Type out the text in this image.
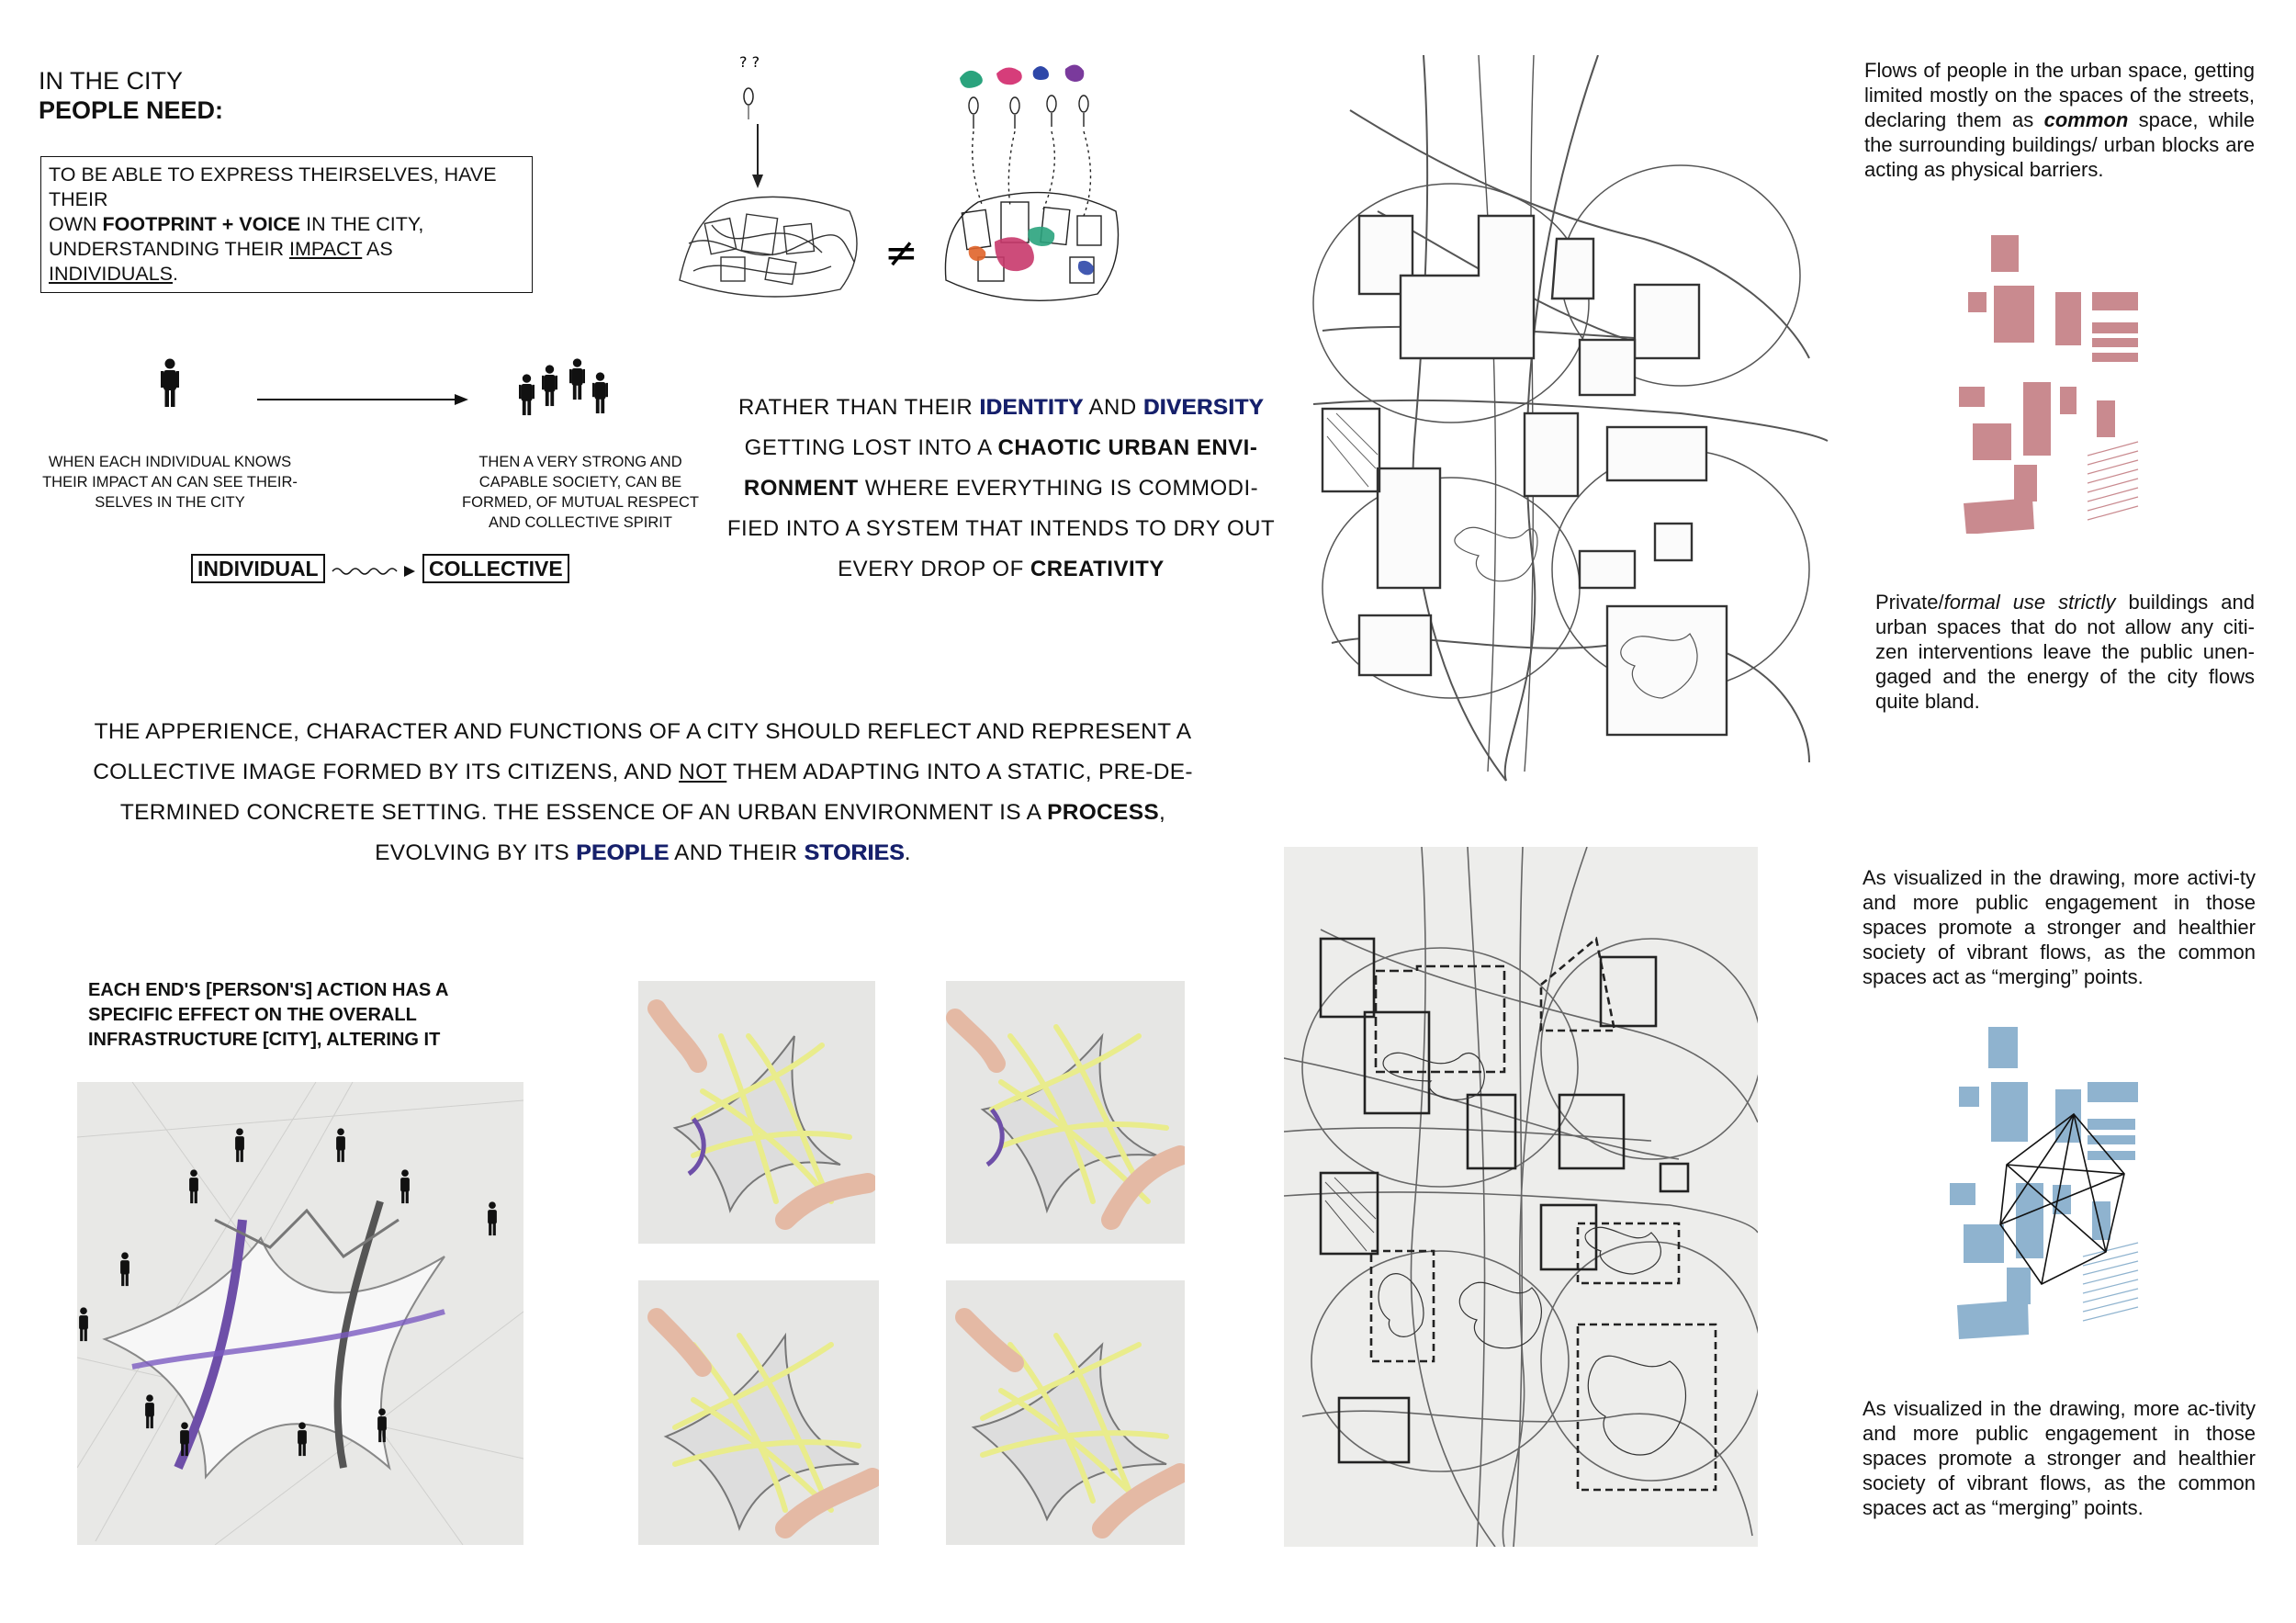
IN THE CITY
PEOPLE NEED:
TO BE ABLE TO EXPRESS THEIRSELVES, HAVE THEIR
OWN FOOTPRINT + VOICE IN THE CITY,
UNDERSTANDING THEIR IMPACT AS INDIVIDUALS.
WHEN EACH INDIVIDUAL KNOWS THEIR IMPACT AN CAN SEE THEIR-SELVES IN THE CITY
THEN A VERY STRONG AND CAPABLE SOCIETY, CAN BE FORMED, OF MUTUAL RESPECT AND COLLECTIVE SPIRIT
INDIVIDUAL	COLLECTIVE
? ?
≠
RATHER THAN THEIR IDENTITY AND DIVERSITY
GETTING LOST INTO A CHAOTIC URBAN ENVI-
RONMENT WHERE EVERYTHING IS COMMODI-
FIED INTO A SYSTEM THAT INTENDS TO DRY OUT
EVERY DROP OF CREATIVITY
THE APPERIENCE, CHARACTER AND FUNCTIONS OF A CITY SHOULD REFLECT AND REPRESENT A
COLLECTIVE IMAGE FORMED BY ITS CITIZENS, AND NOT THEM ADAPTING INTO A STATIC, PRE-DE-
TERMINED CONCRETE SETTING. THE ESSENCE OF AN URBAN ENVIRONMENT IS A PROCESS,
EVOLVING BY ITS PEOPLE AND THEIR STORIES.
EACH END'S [PERSON'S] ACTION HAS A SPECIFIC EFFECT ON THE OVERALL INFRASTRUCTURE [CITY], ALTERING IT
Flows of people in the urban space, getting limited mostly on the spaces of the streets, declaring them as common space, while the surrounding buildings/ urban blocks are acting as physical barriers.
Private/formal use strictly buildings and urban spaces that do not allow any citi-zen interventions leave the public unen-gaged and the energy of the city flows quite bland.
As visualized in the drawing, more activi-ty and more public engagement in those spaces promote a stronger and healthier society of vibrant flows, as the common spaces act as “merging” points.
As visualized in the drawing, more ac-tivity and more public engagement in those spaces promote a stronger and healthier society of vibrant flows, as the common spaces act as “merging” points.
